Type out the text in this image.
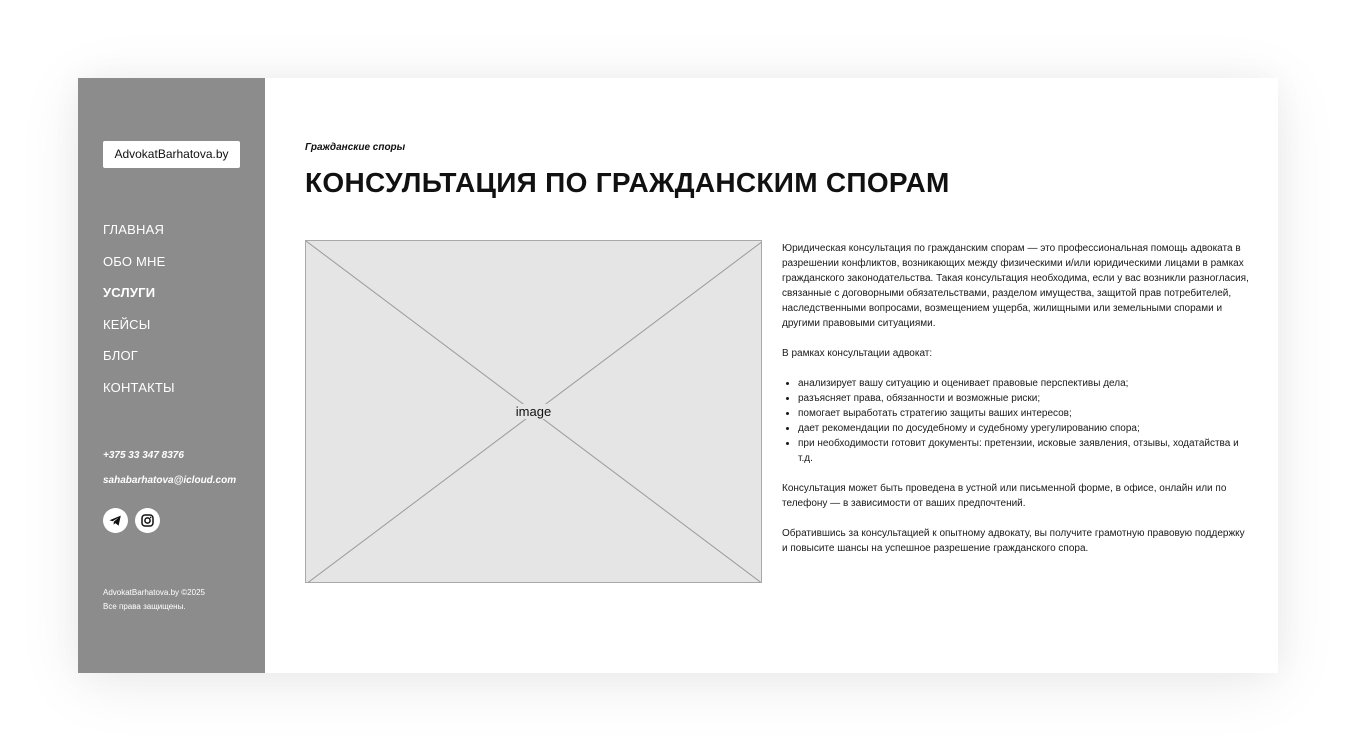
AdvokatBarhatova.by
ГЛАВНАЯ
ОБО МНЕ
УСЛУГИ
КЕЙСЫ
БЛОГ
КОНТАКТЫ
+375 33 347 8376
sahabarhatova@icloud.com
AdvokatBarhatova.by ©2025
Все права защищены.
Гражданские споры
КОНСУЛЬТАЦИЯ ПО ГРАЖДАНСКИМ СПОРАМ
image

Юридическая консультация по гражданским спорам — это профессиональная помощь адвоката в разрешении конфликтов, возникающих между физическими и/или юридическими лицами в рамках гражданского законодательства. Такая консультация необходима, если у вас возникли разногласия, связанные с договорными обязательствами, разделом имущества, защитой прав потребителей, наследственными вопросами, возмещением ущерба, жилищными или земельными спорами и другими правовыми ситуациями.

В рамках консультации адвокат:

• анализирует вашу ситуацию и оценивает правовые перспективы дела;
• разъясняет права, обязанности и возможные риски;
• помогает выработать стратегию защиты ваших интересов;
• дает рекомендации по досудебному и судебному урегулированию спора;
• при необходимости готовит документы: претензии, исковые заявления, отзывы, ходатайства и т.д.

Консультация может быть проведена в устной или письменной форме, в офисе, онлайн или по телефону — в зависимости от ваших предпочтений.

Обратившись за консультацией к опытному адвокату, вы получите грамотную правовую поддержку и повысите шансы на успешное разрешение гражданского спора.
